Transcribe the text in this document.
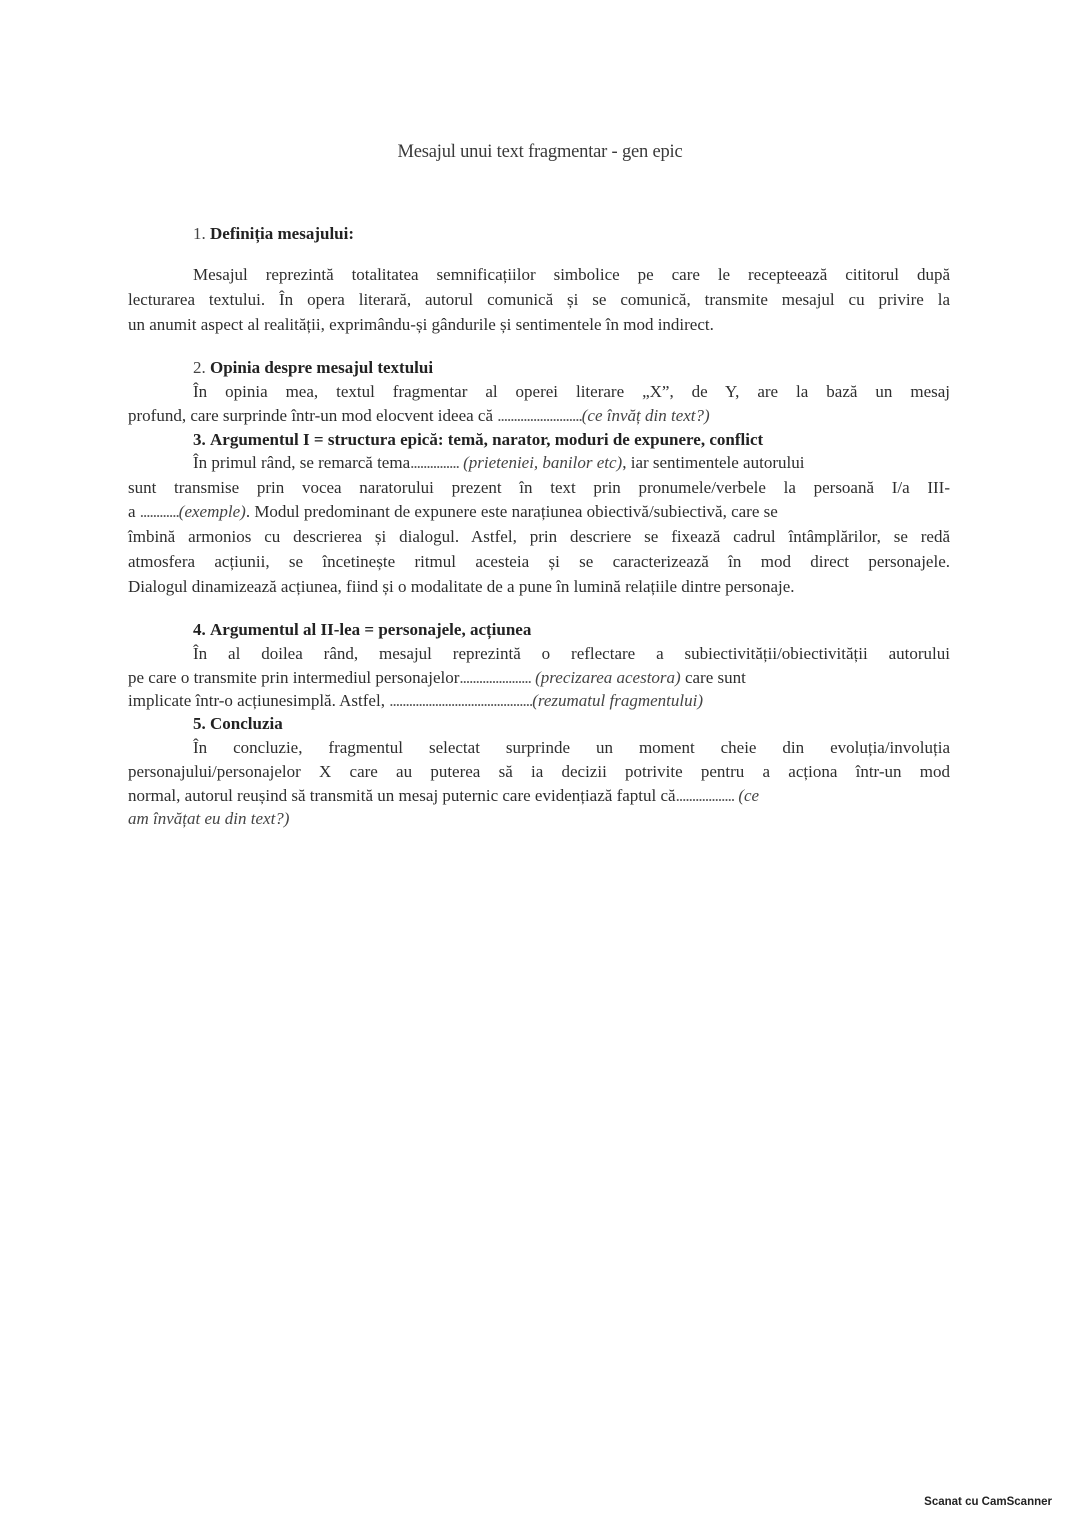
Mesajul unui text fragmentar - gen epic
1. Definiția mesajului:
Mesajul reprezintă totalitatea semnificațiilor simbolice pe care le recepteează cititorul după
lecturarea textului. În opera literară, autorul comunică și se comunică, transmite mesajul cu privire la
un anumit aspect al realității, exprimându-și gândurile și sentimentele în mod indirect.
2. Opinia despre mesajul textului
În opinia mea, textul fragmentar al operei literare „X”, de Y, are la bază un mesaj
profund, care surprinde într-un mod elocvent ideea că ..........................(ce învăț din text?)
3. Argumentul I = structura epică: temă, narator, moduri de expunere, conflict
În primul rând, se remarcă tema............... (prieteniei, banilor etc), iar sentimentele autorului
sunt transmise prin vocea naratorului prezent în text prin pronumele/verbele la persoană I/a III-
a ............(exemple). Modul predominant de expunere este narațiunea obiectivă/subiectivă, care se
îmbină armonios cu descrierea și dialogul. Astfel, prin descriere se fixează cadrul întâmplărilor, se redă
atmosfera acțiunii, se încetinește ritmul acesteia și se caracterizează în mod direct personajele.
Dialogul dinamizează acțiunea, fiind și o modalitate de a pune în lumină relațiile dintre personaje.
4. Argumentul al II-lea = personajele, acțiunea
În al doilea rând, mesajul reprezintă o reflectare a subiectivității/obiectivității autorului
pe care o transmite prin intermediul personajelor...................... (precizarea acestora) care sunt
implicate într-o acțiunesimplă. Astfel, ............................................(rezumatul fragmentului)
5. Concluzia
În concluzie, fragmentul selectat surprinde un moment cheie din evoluția/involuția
personajului/personajelor X care au puterea să ia decizii potrivite pentru a acționa într-un mod
normal, autorul reușind să transmită un mesaj puternic care evidențiază faptul că.................. (ce
am învățat eu din text?)
Scanat cu CamScanner
